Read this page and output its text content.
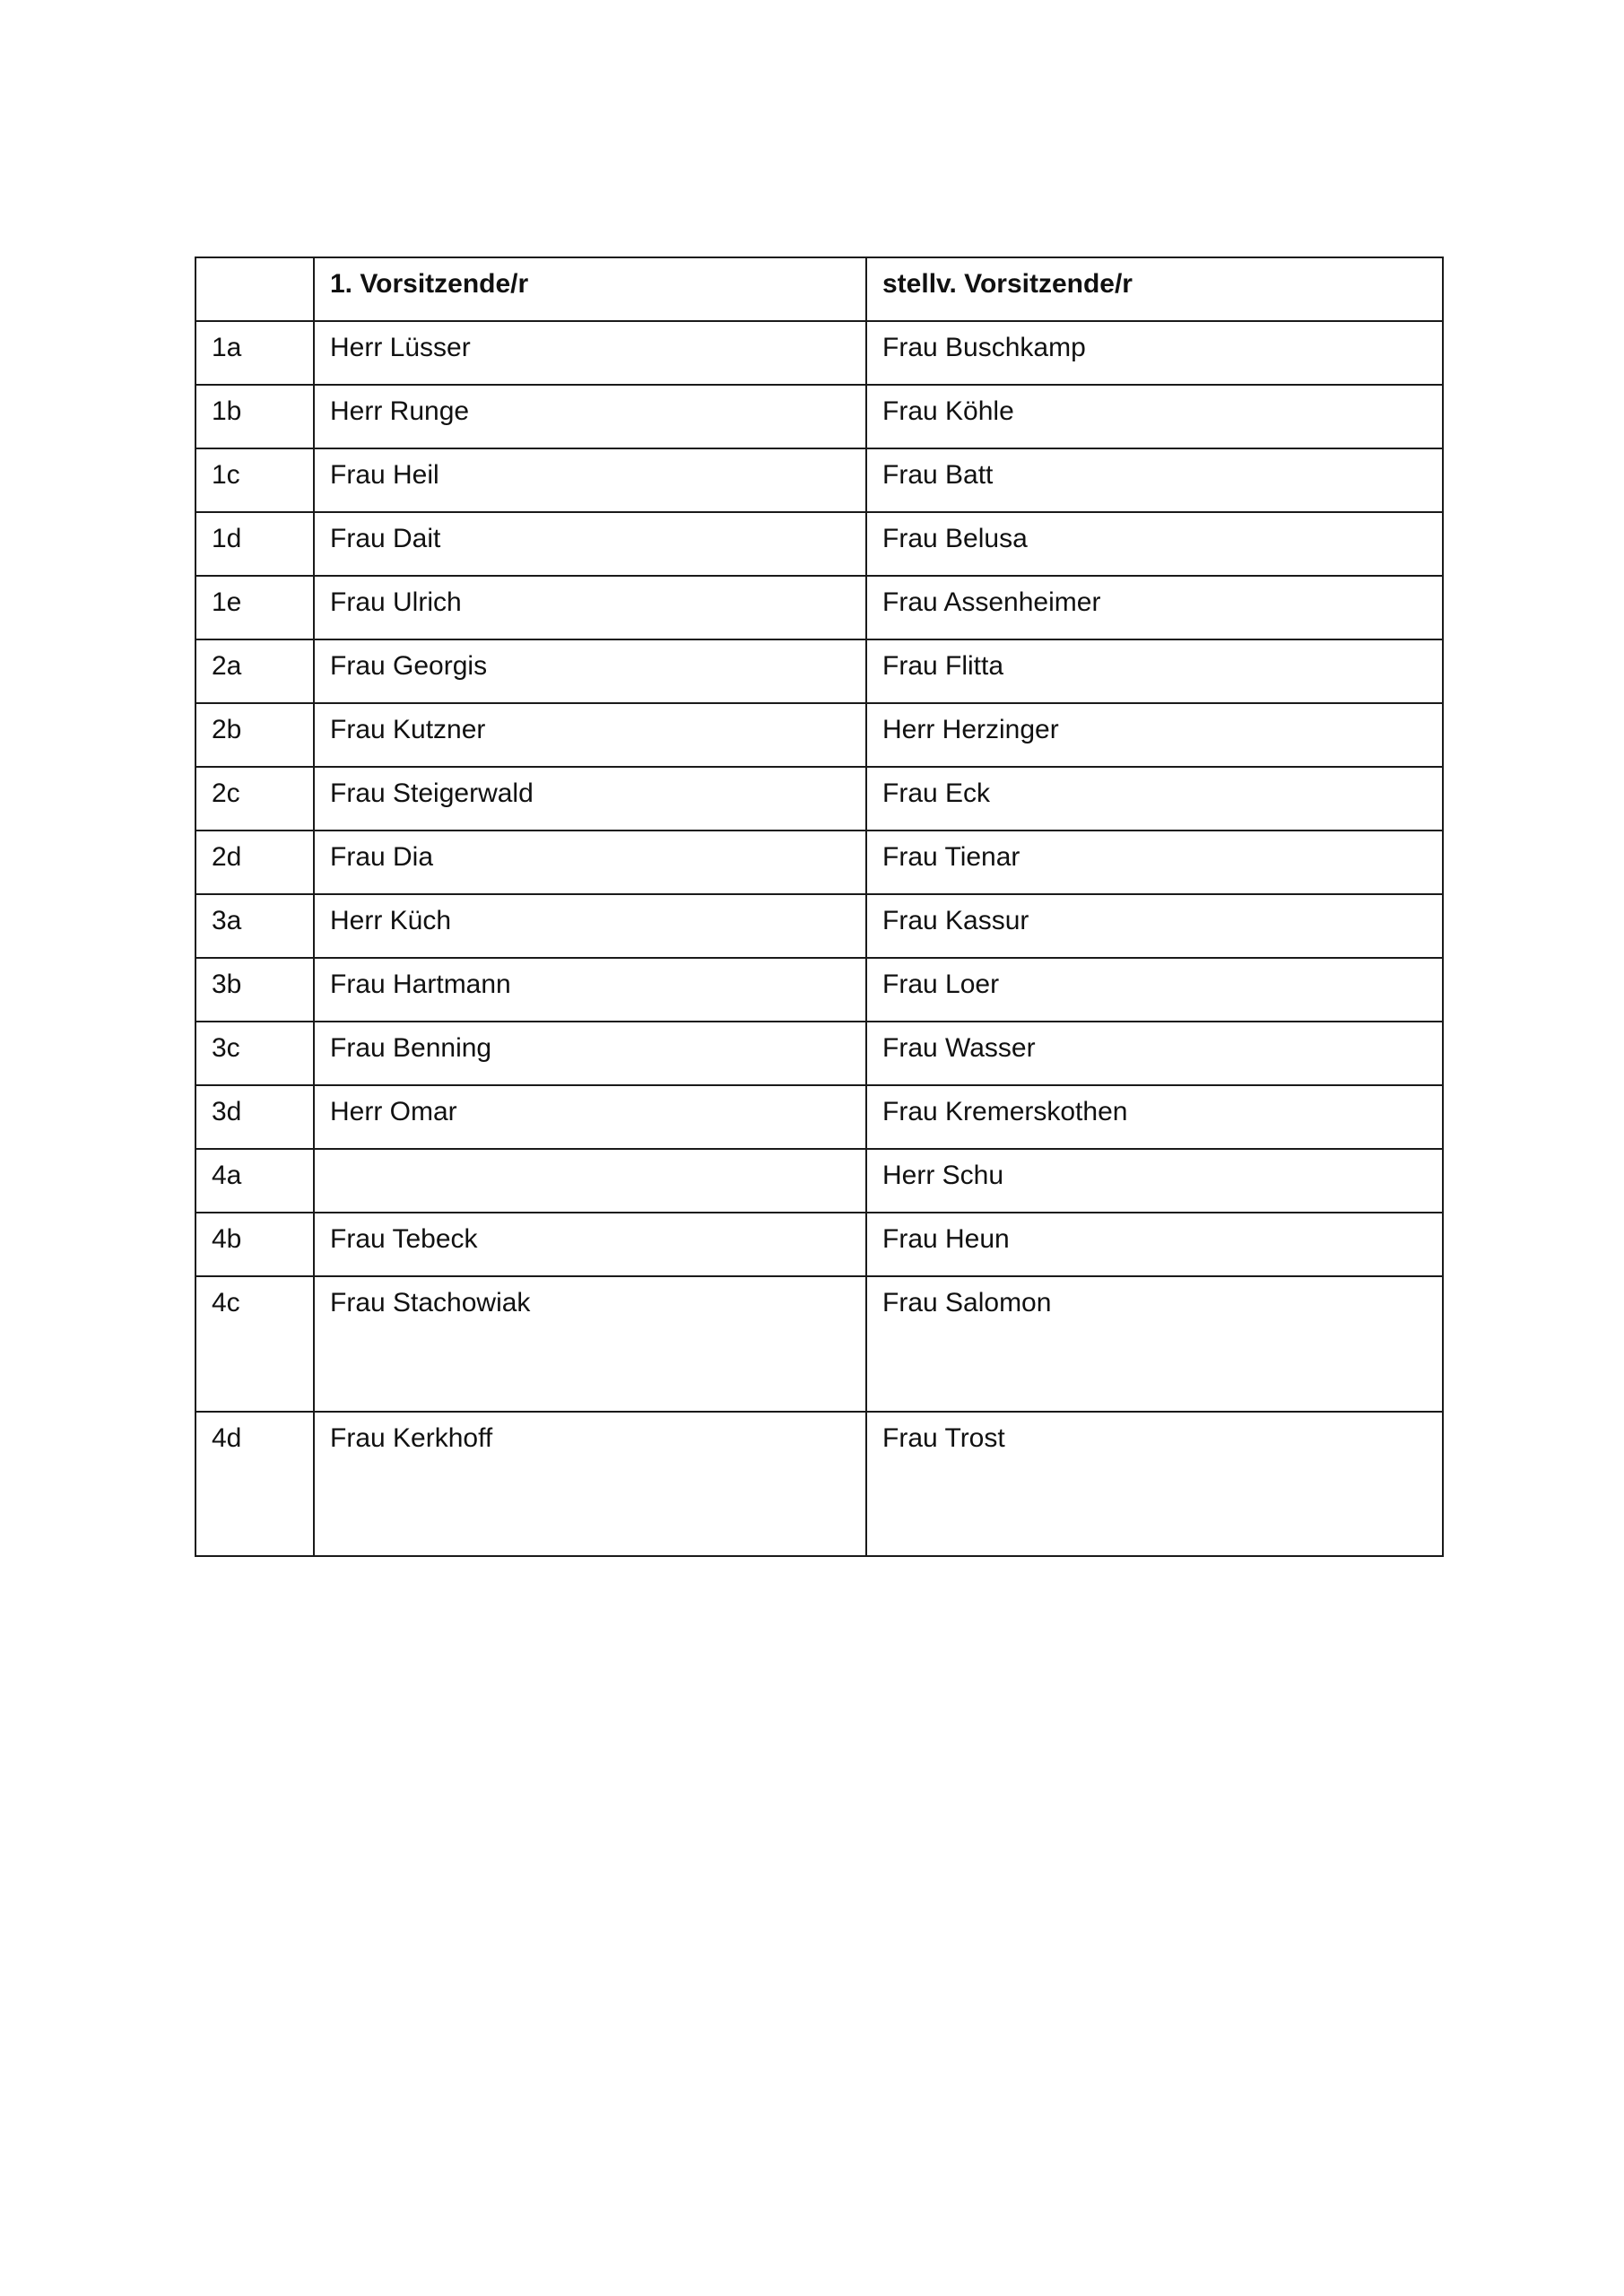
	1. Vorsitzende/r	stellv. Vorsitzende/r
1a	Herr Lüsser	Frau Buschkamp
1b	Herr Runge	Frau Köhle
1c	Frau Heil	Frau Batt
1d	Frau Dait	Frau Belusa
1e	Frau Ulrich	Frau Assenheimer
2a	Frau Georgis	Frau Flitta
2b	Frau Kutzner	Herr Herzinger
2c	Frau Steigerwald	Frau Eck
2d	Frau Dia	Frau Tienar
3a	Herr Küch	Frau Kassur
3b	Frau Hartmann	Frau Loer
3c	Frau Benning	Frau Wasser
3d	Herr Omar	Frau Kremerskothen
4a		Herr Schu
4b	Frau Tebeck	Frau Heun
4c	Frau Stachowiak	Frau Salomon
4d	Frau Kerkhoff	Frau Trost
